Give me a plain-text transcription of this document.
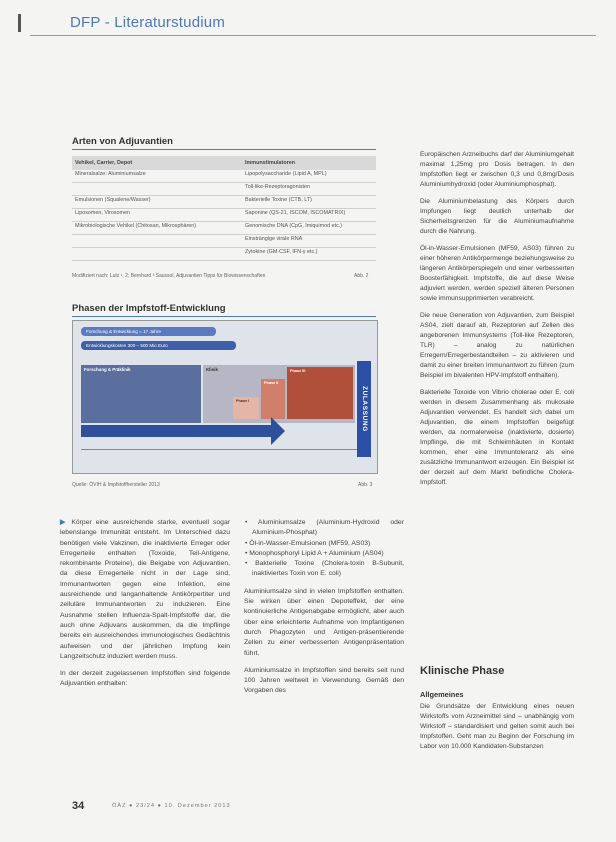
DFP - Literaturstudium
Arten von Adjuvantien
Vehikel, Carrier, Depot	Immunstimulatoren
Mineralsalze: Aluminiumsalze	Lipopolysaccharide (Lipid A, MPL)
	Toll-like-Rezeptoragonisten
Emulsionen (Squalene/Wasser)	Bakterielle Toxine (CTB, LT)
Liposomen, Virosomen	Saponine (QS-21, ISCOM, ISCOMATRIX)
Mikrobiologische Vehikel (Chitosan, Mikrosphären)	Genomische DNA (CpG, Imiquimod etc.)
	Einsträngige virale RNA
	Zytokine (GM-CSF, IFN-γ etc.)
Modifiziert nach: Lutz ¹, 2; Bernhard ³ Saussol, Adjuvantien Tipps für Biowissenschaften	Abb. 2
Phasen der Impfstoff-Entwicklung
Forschung & Entwicklung = 17 Jahre
Entwicklungskosten 300 – 500 Mio Euro
Forschung & Präklinik	Klinik
Phase I
Phase II
Phase III
ZULASSUNG
Quelle: ÖVIH & Impfstoffhersteller 2013	Abb. 3

▶ Körper eine ausreichende starke, eventuell sogar lebenslange Immunität entsteht. Im Unterschied dazu benötigen viele Vakzinen, die inaktivierte Erreger oder Erregerteile enthalten (Toxoide, Teil-Antigene, rekombinante Proteine), die Beigabe von Adjuvantien, da diese Erregerteile nicht in der Lage sind, Immunantworten gegen eine Infektion, eine ausreichende und langanhaltende Antikörpertiter und zelluläre Immunantworten zu induzieren. Eine Ausnahme stellen Influenza-Spalt-Impfstoffe dar, die auch ohne Adjuvans auskommen, da die Impflinge bereits ein ausreichendes immunologisches Gedächtnis aufweisen und der jährlichen Impfung kein Langzeitschutz induziert werden muss.

In der derzeit zugelassenen Impfstoffen sind folgende Adjuvantien enthalten:

• Aluminiumsalze (Aluminium-Hydroxid oder Aluminium-Phosphat)
• Öl-in-Wasser-Emulsionen (MF59, AS03)
• Monophosphoryl Lipid A + Aluminium (AS04)
• Bakterielle Toxine (Cholera-toxin B-Subunit, inaktiviertes Toxin von E. coli)

Aluminiumsalze sind in vielen Impfstoffen enthalten. Sie wirken über einen Depoteffekt, der eine kontinuierliche Antigenabgabe ermöglicht, aber auch über eine erleichterte Aufnahme von Impfantigenen durch Phagozyten und Antigen-präsentierende Zellen zu einer verbesserten Antigenpräsentation führt.

Aluminiumsalze in Impfstoffen sind bereits seit rund 100 Jahren weltweit in Verwendung. Gemäß den Vorgaben des

Europäischen Arzneibuchs darf der Aluminiumgehalt maximal 1,25mg pro Dosis betragen. In den Impfstoffen liegt er zwischen 0,3 und 0,8mg/Dosis Aluminiumhydroxid (oder Aluminiumphosphat).

Die Aluminiumbelastung des Körpers durch Impfungen liegt deutlich unterhalb der Sicherheitsgrenzen für die Aluminiumaufnahme durch die Nahrung.

Öl-in-Wasser-Emulsionen (MF59, AS03) führen zu einer höheren Antikörpermenge beziehungsweise zu längeren Antikörperspiegeln und einer verbesserten Boosterfähigkeit. Impfstoffe, die auf diese Weise adjuviert werden, werden speziell älteren Personen sowie immunsupprimierten verabreicht.

Die neue Generation von Adjuvantien, zum Beispiel AS04, zielt darauf ab, Rezeptoren auf Zellen des angeborenen Immunsystems (Toll-like Rezeptoren, TLR) – analog zu natürlichen Erregern/Erregerbestandteilen – zu aktivieren und damit zu einer breiten Immunantwort zu führen (zum Beispiel im bivalenten HPV-Impfstoff enthalten).

Bakterielle Toxoide von Vibrio cholerae oder E. coli werden in diesem Zusammenhang als mukosale Adjuvantien verwendet. Es handelt sich dabei um Adjuvantien, die einem Impfstoffen beigefügt werden, da normalerweise (inaktivierte, dosierte) Impflinge, die mit Schleimhäuten in Kontakt kommen, eher eine Immuntoleranz als eine zusätzliche Immunantwort erzeugen. Ein Beispiel ist der derzeit auf dem Markt befindliche Cholera-Impfstoff.

Klinische Phase
Allgemeines

Die Grundsätze der Entwicklung eines neuen Wirkstoffs vom Arzneimittel sind – unabhängig vom Wirkstoff – standardisiert und gelten somit auch bei Impfstoffen. Geht man zu Beginn der Forschung im Labor von 10.000 Kandidaten-Substanzen

34	ÖÄZ ● 23/24 ● 10. Dezember 2013
